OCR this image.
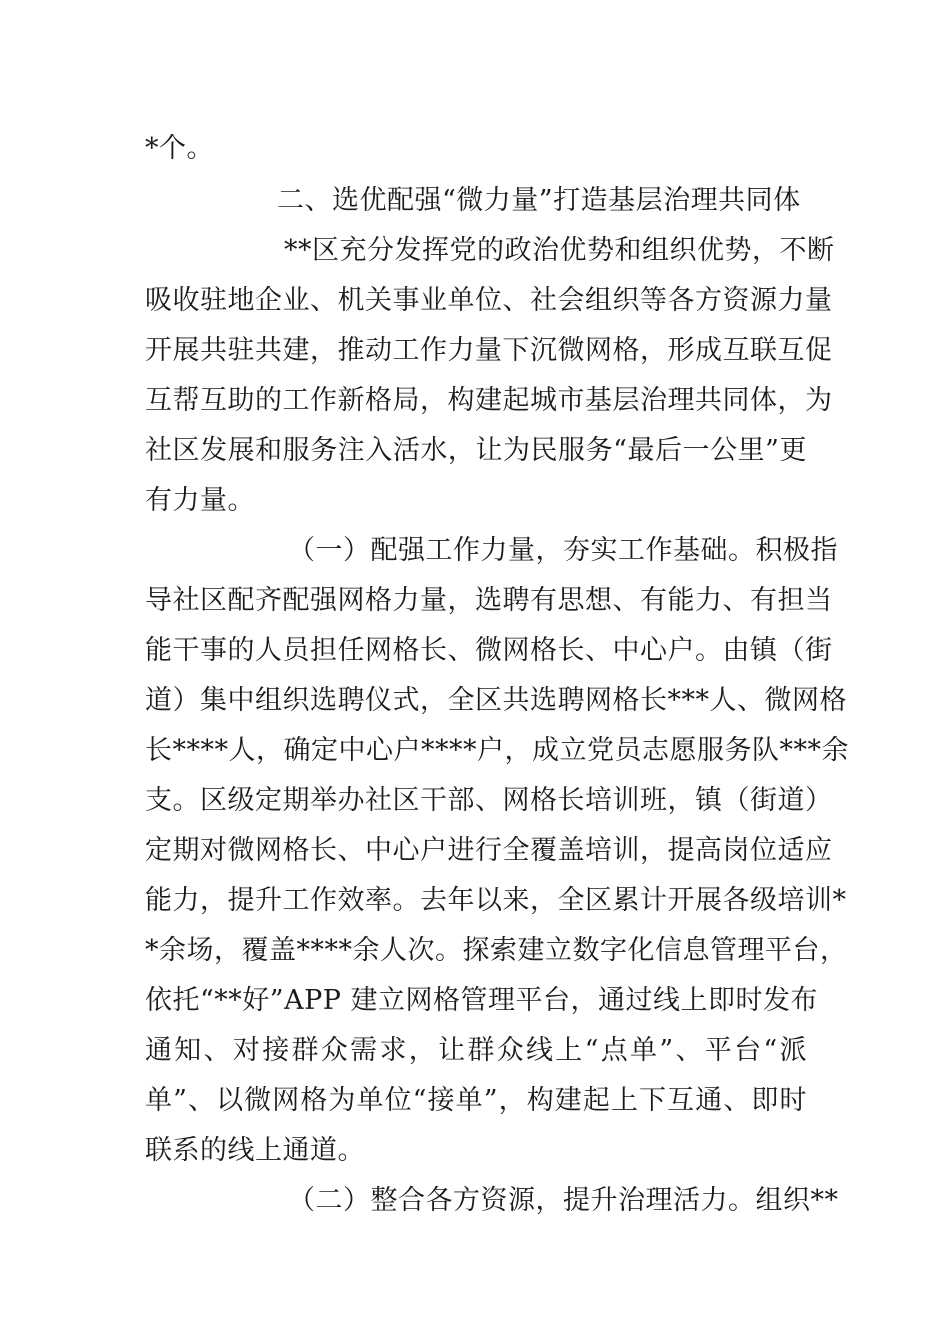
*个。
二、选优配强“微力量”打造基层治理共同体
**区充分发挥党的政治优势和组织优势，不断
吸收驻地企业、机关事业单位、社会组织等各方资源力量
开展共驻共建，推动工作力量下沉微网格，形成互联互促
互帮互助的工作新格局，构建起城市基层治理共同体，为
社区发展和服务注入活水，让为民服务“最后一公里”更
有力量。
（一）配强工作力量，夯实工作基础。积极指
导社区配齐配强网格力量，选聘有思想、有能力、有担当
能干事的人员担任网格长、微网格长、中心户。由镇（街
道）集中组织选聘仪式，全区共选聘网格长***人、微网格
长****人，确定中心户****户，成立党员志愿服务队***余
支。区级定期举办社区干部、网格长培训班，镇（街道）
定期对微网格长、中心户进行全覆盖培训，提高岗位适应
能力，提升工作效率。去年以来，全区累计开展各级培训*
*余场，覆盖****余人次。探索建立数字化信息管理平台，
依托“**好”APP 建立网格管理平台，通过线上即时发布
通知、对接群众需求，让群众线上“点单”、平台“派
单”、以微网格为单位“接单”，构建起上下互通、即时
联系的线上通道。
（二）整合各方资源，提升治理活力。组织**
